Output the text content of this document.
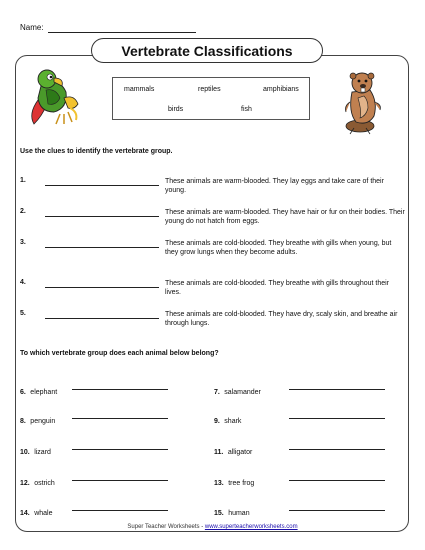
Name:
Vertebrate Classifications
mammals	reptiles	amphibians
birds	fish
Use the clues to identify the vertebrate group.
1.	These animals are warm-blooded. They lay eggs and take care of their young.
2.	These animals are warm-blooded. They have hair or fur on their bodies. Their young do not hatch from eggs.
3.	These animals are cold-blooded. They breathe with gills when young, but they grow lungs when they become adults.
4.	These animals are cold-blooded. They breathe with gills throughout their lives.
5.	These animals are cold-blooded. They have dry, scaly skin, and breathe air through lungs.
To which vertebrate group does each animal below belong?
6. elephant	7. salamander
8. penguin	9. shark
10. lizard	11. alligator
12. ostrich	13. tree frog
14. whale	15. human
Super Teacher Worksheets - www.superteacherworksheets.com
